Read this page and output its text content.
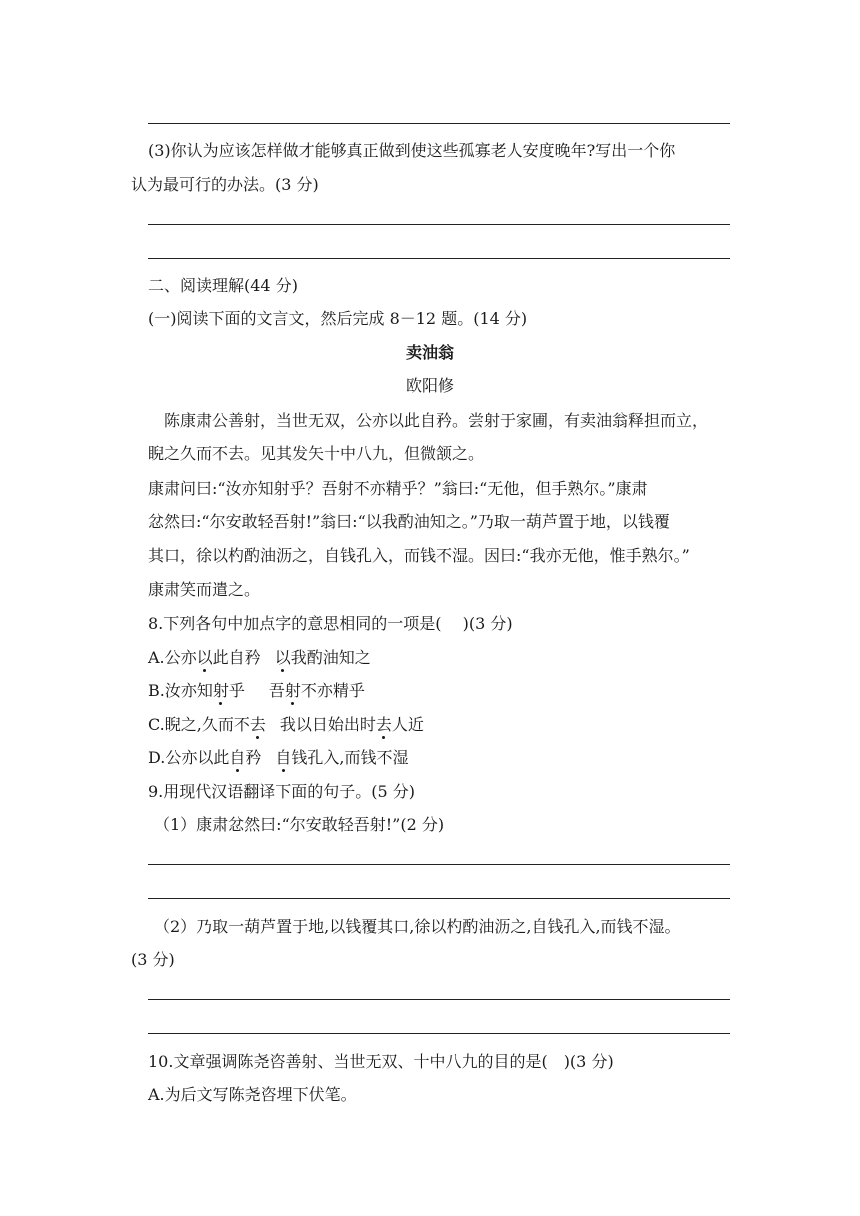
(3)你认为应该怎样做才能够真正做到使这些孤寡老人安度晚年?写出一个你
认为最可行的办法。(3 分)
二、阅读理解(44 分)
(一)阅读下面的文言文，然后完成 8－12 题。(14 分)
卖油翁
欧阳修
陈康肃公善射，当世无双，公亦以此自矜。尝射于家圃，有卖油翁释担而立，
睨之久而不去。见其发矢十中八九，但微颔之。
康肃问曰:“汝亦知射乎？吾射不亦精乎？”翁曰:“无他，但手熟尔。”康肃
忿然曰:“尔安敢轻吾射!”翁曰:“以我酌油知之。”乃取一葫芦置于地，以钱覆
其口，徐以杓酌油沥之，自钱孔入，而钱不湿。因曰:“我亦无他，惟手熟尔。”
康肃笑而遣之。
8.下列各句中加点字的意思相同的一项是(　 )(3 分)
A.公亦以此自矜 以我酌油知之
B.汝亦知射乎 吾射不亦精乎
C.睨之,久而不去 我以日始出时去人近
D.公亦以此自矜 自钱孔入,而钱不湿
9.用现代汉语翻译下面的句子。(5 分)
（1）康肃忿然曰:“尔安敢轻吾射!”(2 分)
（2）乃取一葫芦置于地,以钱覆其口,徐以杓酌油沥之,自钱孔入,而钱不湿。
(3 分)
10.文章强调陈尧咨善射、当世无双、十中八九的目的是(　)(3 分)
A.为后文写陈尧咨埋下伏笔。
